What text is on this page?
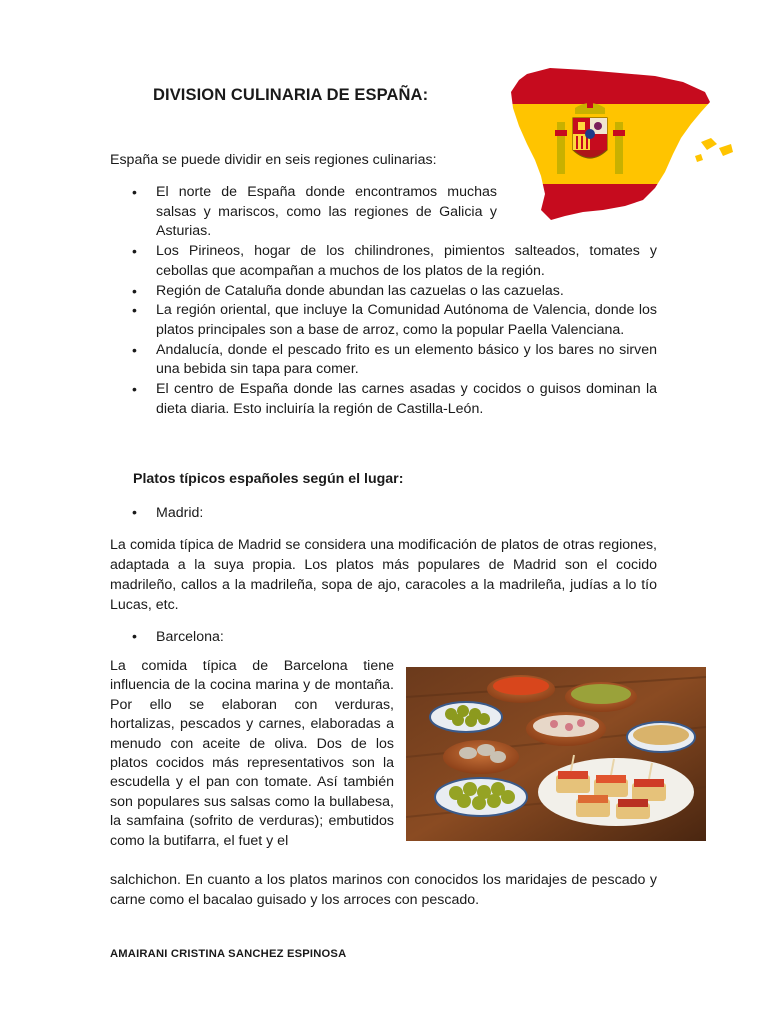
DIVISION CULINARIA DE ESPAÑA:

España se puede dividir en seis regiones culinarias:

• El norte de España donde encontramos muchas salsas y mariscos, como las regiones de Galicia y Asturias.
• Los Pirineos, hogar de los chilindrones, pimientos salteados, tomates y cebollas que acompañan a muchos de los platos de la región.
• Región de Cataluña donde abundan las cazuelas o las cazuelas.
• La región oriental, que incluye la Comunidad Autónoma de Valencia, donde los platos principales son a base de arroz, como la popular Paella Valenciana.
• Andalucía, donde el pescado frito es un elemento básico y los bares no sirven una bebida sin tapa para comer.
• El centro de España donde las carnes asadas y cocidos o guisos dominan la dieta diaria. Esto incluiría la región de Castilla-León.

Platos típicos españoles según el lugar:

• Madrid:

La comida típica de Madrid se considera una modificación de platos de otras regiones, adaptada a la suya propia. Los platos más populares de Madrid son el cocido madrileño, callos a la madrileña, sopa de ajo, caracoles a la madrileña, judías a lo tío Lucas, etc.

• Barcelona:

La comida típica de Barcelona tiene influencia de la cocina marina y de montaña. Por ello se elaboran con verduras, hortalizas, pescados y carnes, elaboradas a menudo con aceite de oliva. Dos de los platos cocidos más representativos son la escudella y el pan con tomate. Así también son populares sus salsas como la bullabesa, la samfaina (sofrito de verduras); embutidos como la butifarra, el fuet y el

salchichon. En cuanto a los platos marinos con conocidos los maridajes de pescado y carne como el bacalao guisado y los arroces con pescado.

AMAIRANI CRISTINA SANCHEZ ESPINOSA
